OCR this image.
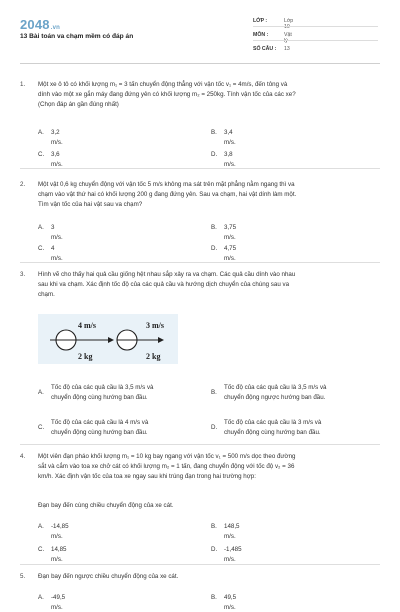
2048.vn
13 Bài toán va chạm mềm có đáp án
LỚP :	Lớp 10
MÔN :	Vật lý
SỐ CÂU :	13
1. Một xe ô tô có khối lượng m₁ = 3 tấn chuyển động thẳng với vận tốc v₁ = 4m/s, đến tông và
dính vào một xe gắn máy đang đứng yên có khối lượng m₂ = 250kg. Tính vận tốc của các xe?
(Chọn đáp án gần đúng nhất)
A. 3,2 m/s.
B. 3,4 m/s.
C. 3,6 m/s.
D. 3,8 m/s.
2. Một vật 0,6 kg chuyển động với vận tốc 5 m/s không ma sát trên mặt phẳng nằm ngang thì va
chạm vào vật thứ hai có khối lượng 200 g đang đứng yên. Sau va chạm, hai vật dính làm một.
Tìm vận tốc của hai vật sau va chạm?
A. 3 m/s.
B. 3,75 m/s.
C. 4 m/s.
D. 4,75 m/s.
3. Hình vẽ cho thấy hai quả cầu giống hệt nhau sắp xảy ra va chạm. Các quả cầu dính vào nhau
sau khi va chạm. Xác định tốc độ của các quả cầu và hướng dịch chuyển của chúng sau va
chạm.
4 m/s	3 m/s
2 kg	2 kg
A.
Tốc độ của các quả cầu là 3,5 m/s và
chuyển động cùng hướng ban đầu.
B.
Tốc độ của các quả cầu là 3,5 m/s và
chuyển động ngược hướng ban đầu.
C.
Tốc độ của các quả cầu là 4 m/s và
chuyển động cùng hướng ban đầu.
D.
Tốc độ của các quả cầu là 3 m/s và
chuyển động cùng hướng ban đầu.
4. Một viên đạn pháo khối lượng m₁ = 10 kg bay ngang với vận tốc v₁ = 500 m/s dọc theo đường
sắt và cắm vào toa xe chở cát có khối lượng m₂ = 1 tấn, đang chuyển động với tốc độ v₂ = 36
km/h. Xác định vận tốc của toa xe ngay sau khi trúng đạn trong hai trường hợp:
Đạn bay đến cùng chiều chuyển động của xe cát.
A. -14,85 m/s.
B. 148,5 m/s.
C. 14,85 m/s.
D. -1,485 m/s.
5. Đạn bay đến ngược chiều chuyển động của xe cát.
A. -49,5 m/s.
B. 49,5 m/s.
